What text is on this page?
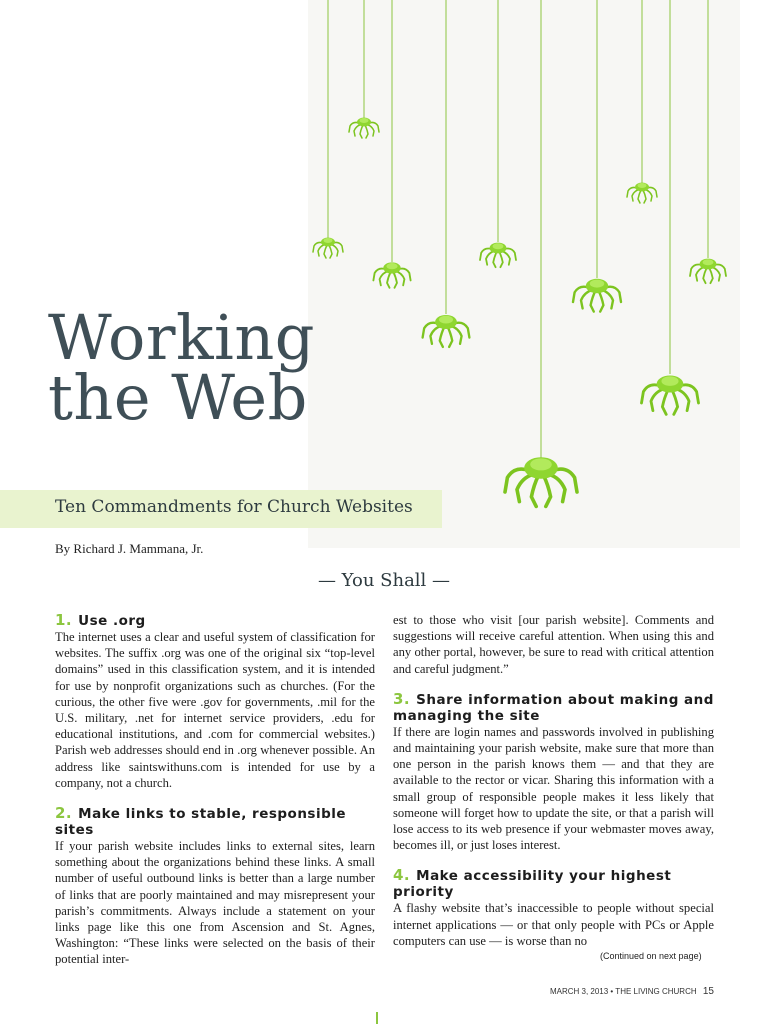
Working
the Web
Ten Commandments for Church Websites
By Richard J. Mammana, Jr.
— You Shall —

1. Use .org

The internet uses a clear and useful system of classification for websites. The suffix .org was one of the original six “top-level domains” used in this classification system, and it is intended for use by nonprofit organizations such as churches. (For the curious, the other five were .gov for governments, .mil for the U.S. military, .net for internet service providers, .edu for educational institutions, and .com for commercial websites.) Parish web addresses should end in .org whenever possible. An address like saintswithuns.com is intended for use by a company, not a church.

2. Make links to stable, responsible sites

If your parish website includes links to external sites, learn something about the organizations behind these links. A small number of useful outbound links is better than a large number of links that are poorly maintained and may misrepresent your parish’s commitments. Always include a statement on your links page like this one from Ascension and St. Agnes, Washington: “These links were selected on the basis of their potential inter-

est to those who visit [our parish website]. Comments and suggestions will receive careful attention. When using this and any other portal, however, be sure to read with critical attention and careful judgment.”

3. Share information about making and managing the site

If there are login names and passwords involved in publishing and maintaining your parish website, make sure that more than one person in the parish knows them — and that they are available to the rector or vicar. Sharing this information with a small group of responsible people makes it less likely that someone will forget how to update the site, or that a parish will lose access to its web presence if your webmaster moves away, becomes ill, or just loses interest.

4. Make accessibility your highest priority

A flashy website that’s inaccessible to people without special internet applications — or that only people with PCs or Apple computers can use — is worse than no

(Continued on next page)
MARCH 3, 2013 • THE LIVING CHURCH 15
